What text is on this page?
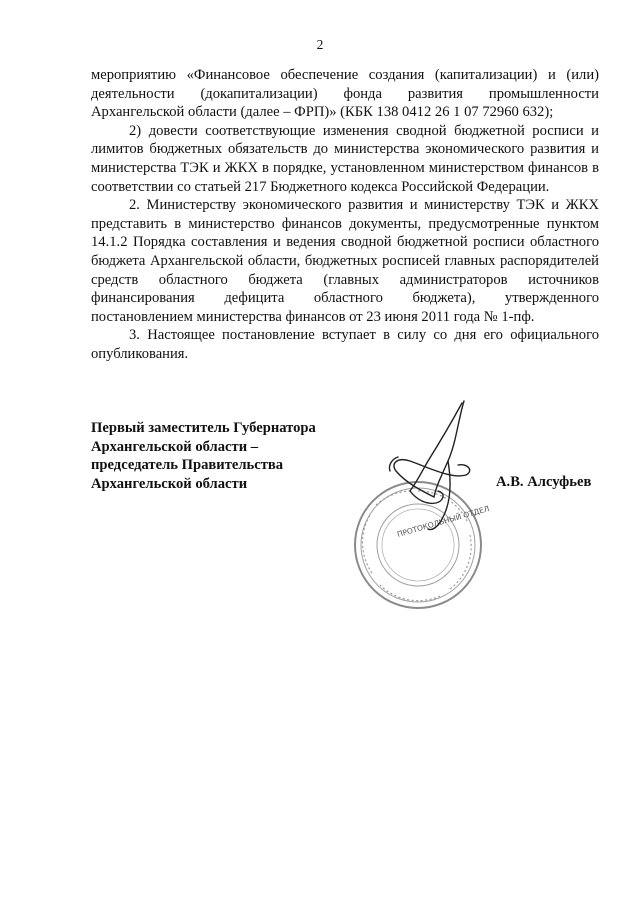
2

мероприятию «Финансовое обеспечение создания (капитализации) и (или) деятельности (докапитализации) фонда развития промышленности Архангельской области (далее – ФРП)» (КБК 138 0412 26 1 07 72960 632);

2) довести соответствующие изменения сводной бюджетной росписи и лимитов бюджетных обязательств до министерства экономического развития и министерства ТЭК и ЖКХ в порядке, установленном министерством финансов в соответствии со статьей 217 Бюджетного кодекса Российской Федерации.

2. Министерству экономического развития и министерству ТЭК и ЖКХ представить в министерство финансов документы, предусмотренные пунктом 14.1.2 Порядка составления и ведения сводной бюджетной росписи областного бюджета Архангельской области, бюджетных росписей главных распорядителей средств областного бюджета (главных администраторов источников финансирования дефицита областного бюджета), утвержденного постановлением министерства финансов от 23 июня 2011 года № 1-пф.

3. Настоящее постановление вступает в силу со дня его официального опубликования.

Первый заместитель Губернатора
Архангельской области –
председатель Правительства
Архангельской области	А.В. Алсуфьев
ПРОТОКОЛЬНЫЙ ОТДЕЛ
